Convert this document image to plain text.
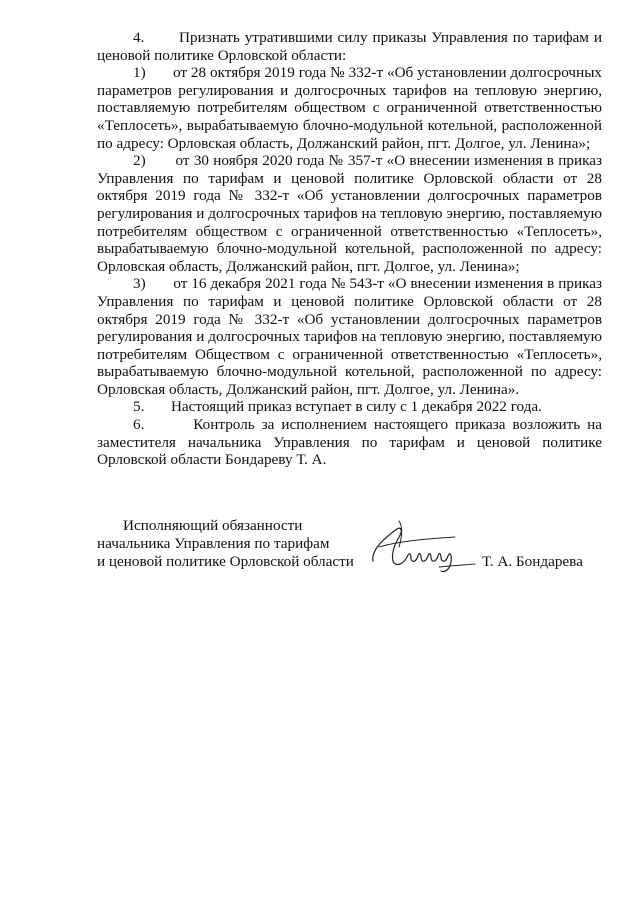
4.       Признать утратившими силу приказы Управления по тарифам и ценовой политике Орловской области:

1)       от 28 октября 2019 года № 332-т «Об установлении долгосрочных параметров регулирования и долгосрочных тарифов на тепловую энергию, поставляемую потребителям обществом с ограниченной ответственностью «Теплосеть», вырабатываемую блочно-модульной котельной, расположенной по адресу: Орловская область, Должанский район, пгт. Долгое, ул. Ленина»;

2)       от 30 ноября 2020 года № 357-т «О внесении изменения в приказ Управления по тарифам и ценовой политике Орловской области от 28 октября 2019 года № 332-т «Об установлении долгосрочных параметров регулирования и долгосрочных тарифов на тепловую энергию, поставляемую потребителям обществом с ограниченной ответственностью «Теплосеть», вырабатываемую блочно-модульной котельной, расположенной по адресу: Орловская область, Должанский район, пгт. Долгое, ул. Ленина»;

3)       от 16 декабря 2021 года № 543-т «О внесении изменения в приказ Управления по тарифам и ценовой политике Орловской области от 28 октября 2019 года № 332-т «Об установлении долгосрочных параметров регулирования и долгосрочных тарифов на тепловую энергию, поставляемую потребителям Обществом с ограниченной ответственностью «Теплосеть», вырабатываемую блочно-модульной котельной, расположенной по адресу: Орловская область, Должанский район, пгт. Долгое, ул. Ленина».

5.       Настоящий приказ вступает в силу с 1 декабря 2022 года.

6.       Контроль за исполнением настоящего приказа возложить на заместителя начальника Управления по тарифам и ценовой политике Орловской области Бондареву Т. А.

Исполняющий обязанности
начальника Управления по тарифам
и ценовой политике Орловской области	Т. А. Бондарева
